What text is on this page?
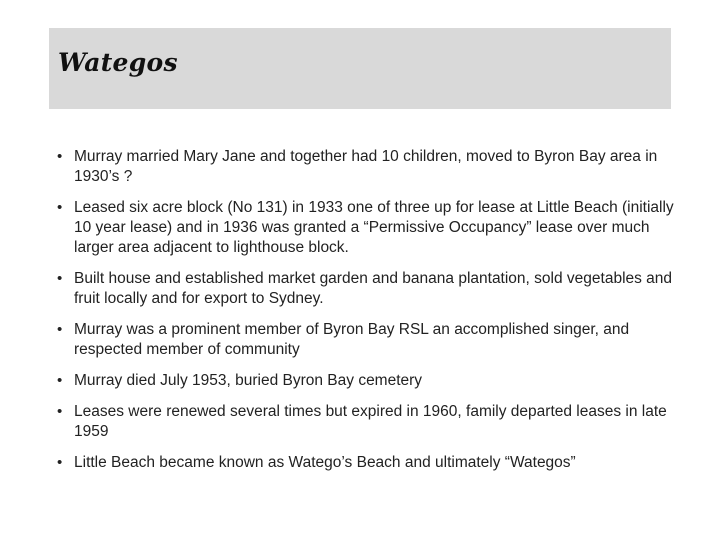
Wategos
• Murray married Mary Jane and together had 10 children, moved to Byron Bay area in 1930’s ?
• Leased six acre block (No 131) in 1933 one of three up for lease at Little Beach (initially 10 year lease) and in 1936 was granted a “Permissive Occupancy” lease over much larger area adjacent to lighthouse block.
• Built house and established market garden and banana plantation, sold vegetables and fruit locally and for export to Sydney.
• Murray was a prominent member of Byron Bay RSL an accomplished singer, and respected member of community
• Murray died July 1953, buried Byron Bay cemetery
• Leases were renewed several times but expired in 1960, family departed leases in late 1959
• Little Beach became known as Watego’s Beach and ultimately “Wategos”
